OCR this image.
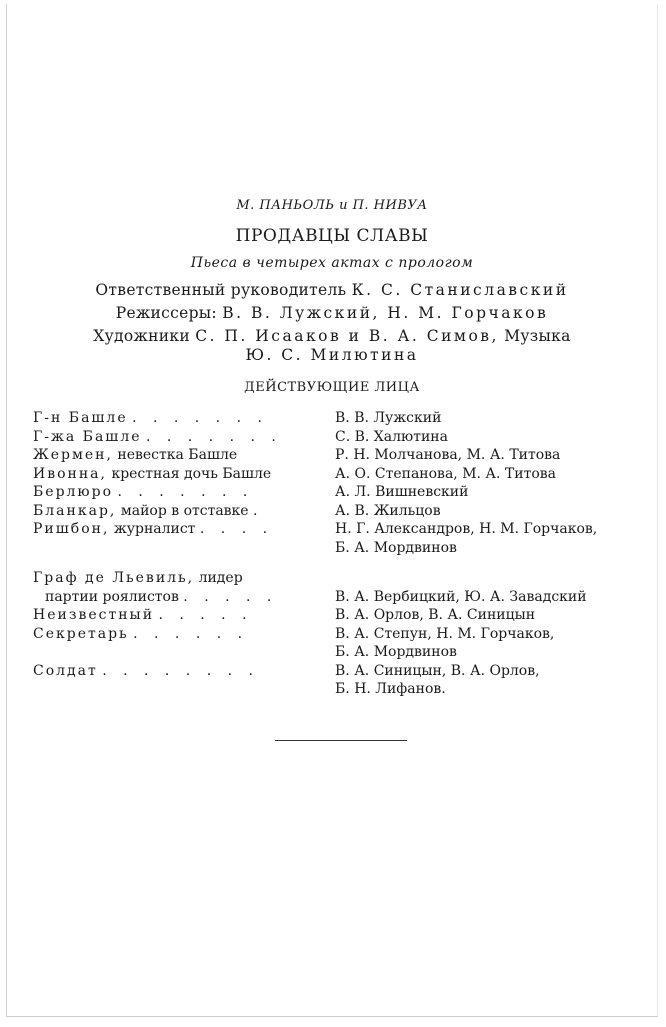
М. ПАНЬОЛЬ и П. НИВУА
ПРОДАВЦЫ СЛАВЫ
Пьеса в четырех актах с прологом
Ответственный руководитель К. С. Станиславский
Режиссеры: В. В. Лужский, Н. М. Горчаков
Художники С. П. Исааков и В. А. Симов, Музыка
Ю. С. Милютина
ДЕЙСТВУЮЩИЕ ЛИЦА
Г-н Башле . . . . . . .	В. В. Лужский
Г-жа Башле . . . . . . .	С. В. Халютина
Жермен, невестка Башле	Р. Н. Молчанова, М. А. Титова
Ивонна, крестная дочь Башле	А. О. Степанова, М. А. Титова
Берлюро . . . . . . .	А. Л. Вишневский
Бланкар, майор в отставке .	А. В. Жильцов
Ришбон, журналист . . . .	Н. Г. Александров, Н. М. Горчаков,
Б. А. Мордвинов
Граф де Льевиль, лидер
партии роялистов . . . . .	В. А. Вербицкий, Ю. А. Завадский
Неизвестный . . . . .	В. А. Орлов, В. А. Синицын
Секретарь . . . . . .	В. А. Степун, Н. М. Горчаков,
Б. А. Мордвинов
Солдат . . . . . . . .	В. А. Синицын, В. А. Орлов,
Б. Н. Лифанов.
